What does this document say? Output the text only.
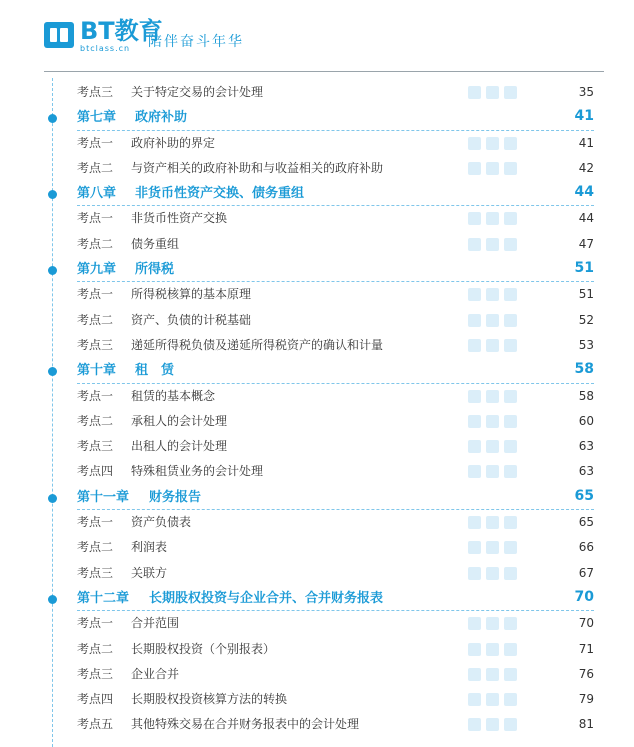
BT教育
btclass.cn 陪伴奋斗年华
考点三 关于特定交易的会计处理	35
第七章 政府补助	41
考点一 政府补助的界定	41
考点二 与资产相关的政府补助和与收益相关的政府补助	42
第八章 非货币性资产交换、债务重组	44
考点一 非货币性资产交换	44
考点二 债务重组	47
第九章 所得税	51
考点一 所得税核算的基本原理	51
考点二 资产、负债的计税基础	52
考点三 递延所得税负债及递延所得税资产的确认和计量	53
第十章 租　赁	58
考点一 租赁的基本概念	58
考点二 承租人的会计处理	60
考点三 出租人的会计处理	63
考点四 特殊租赁业务的会计处理	63
第十一章 财务报告	65
考点一 资产负债表	65
考点二 利润表	66
考点三 关联方	67
第十二章 长期股权投资与企业合并、合并财务报表	70
考点一 合并范围	70
考点二 长期股权投资（个别报表）	71
考点三 企业合并	76
考点四 长期股权投资核算方法的转换	79
考点五 其他特殊交易在合并财务报表中的会计处理	81
